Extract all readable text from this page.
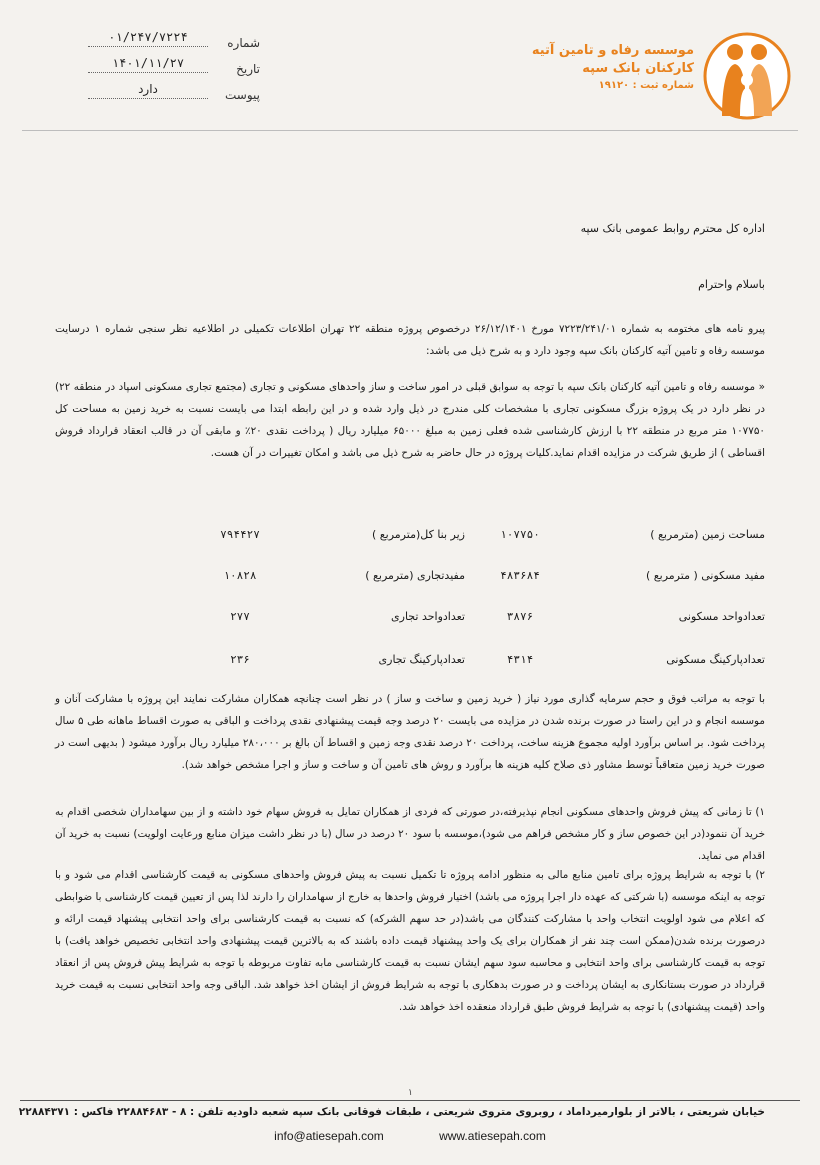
موسسه رفاه و تامین آتیه
کارکنان بانک سپه
شماره ثبت : ۱۹۱۲۰
شماره
۰۱/۲۴۷/۷۲۲۴
تاریخ
۱۴۰۱/۱۱/۲۷
پیوست
دارد
اداره کل محترم روابط عمومی بانک سپه
باسلام واحترام
پیرو نامه های مختومه به شماره ۷۲۲۳/۲۴۱/۰۱ مورخ ۲۶/۱۲/۱۴۰۱ درخصوص پروژه منطقه ۲۲ تهران اطلاعات تکمیلی در اطلاعیه نظر سنجی شماره ۱ درسایت موسسه رفاه و تامین آتیه کارکنان بانک سپه وجود دارد و به شرح ذیل می باشد:
« موسسه رفاه و تامین آتیه کارکنان بانک سپه با توجه به سوابق قبلی در امور ساخت و ساز واحدهای مسکونی و تجاری (مجتمع تجاری مسکونی اسپاد در منطقه ۲۲) در نظر دارد در یک پروژه بزرگ مسکونی تجاری با مشخصات کلی مندرج در ذیل وارد شده و در این رابطه ابتدا می بایست نسبت به خرید زمین به مساحت کل ۱۰۷۷۵۰ متر مربع در منطقه ۲۲ با ارزش کارشناسی شده فعلی زمین به مبلغ ۶۵۰۰۰ میلیارد ریال ( پرداخت نقدی ۲۰٪ و مابقی آن در قالب انعقاد قرارداد فروش اقساطی ) از طریق شرکت در مزایده اقدام نماید.کلیات پروژه در حال حاضر به شرح ذیل می باشد و امکان تغییرات در آن هست.
مساحت زمین (مترمربع )
۱۰۷۷۵۰
زیر بنا کل(مترمربع )
۷۹۴۴۲۷
مفید مسکونی ( مترمربع )
۴۸۳۶۸۴
مفیدتجاری (مترمربع )
۱۰۸۲۸
تعدادواحد مسکونی
۳۸۷۶
تعدادواحد تجاری
۲۷۷
تعدادپارکینگ مسکونی
۴۳۱۴
تعدادپارکینگ تجاری
۲۳۶
با توجه به مراتب فوق و حجم سرمایه گذاری مورد نیاز ( خرید زمین و ساخت و ساز ) در نظر است چنانچه همکاران مشارکت نمایند این پروژه با مشارکت آنان و موسسه انجام و در این راستا در صورت برنده شدن در مزایده می بایست ۲۰ درصد وجه قیمت پیشنهادی نقدی پرداخت و الباقی به صورت اقساط ماهانه طی ۵ سال پرداخت شود. بر اساس برآورد اولیه مجموع هزینه ساخت، پرداخت ۲۰ درصد نقدی وجه زمین و اقساط آن بالغ بر ۲۸۰،۰۰۰ میلیارد ریال برآورد میشود ( بدیهی است در صورت خرید زمین متعاقباً توسط مشاور ذی صلاح کلیه هزینه ها برآورد و روش های تامین آن و ساخت و ساز و اجرا مشخص خواهد شد).
۱) تا زمانی که پیش فروش واحدهای مسکونی انجام نپذیرفته،در صورتی که فردی از همکاران تمایل به فروش سهام خود داشته و از بین سهامداران شخصی اقدام به خرید آن ننمود(در این خصوص ساز و کار مشخص فراهم می شود)،موسسه با سود ۲۰ درصد در سال (با در نظر داشت میزان منابع ورعایت اولویت) نسبت به خرید آن اقدام می نماید.
۲) با توجه به شرایط پروژه برای تامین منابع مالی به منظور ادامه پروژه تا تکمیل نسبت به پیش فروش واحدهای مسکونی به قیمت کارشناسی اقدام می شود و با توجه به اینکه موسسه (با شرکتی که عهده دار اجرا پروژه می باشد) اختیار فروش واحدها به خارج از سهامداران را دارند لذا پس از تعیین قیمت کارشناسی با ضوابطی که اعلام می شود اولویت انتخاب واحد با مشارکت کنندگان می باشد(در حد سهم الشرکه) که نسبت به قیمت کارشناسی برای واحد انتخابی پیشنهاد قیمت ارائه و درصورت برنده شدن(ممکن است چند نفر از همکاران برای یک واحد پیشنهاد قیمت داده باشند که به بالاترین قیمت پیشنهادی واحد انتخابی تخصیص خواهد یافت) با توجه به قیمت کارشناسی برای واحد انتخابی و محاسبه سود سهم ایشان نسبت به قیمت کارشناسی مابه تفاوت مربوطه با توجه به شرایط پیش فروش پس از انعقاد قرارداد در صورت بستانکاری به ایشان پرداخت و در صورت بدهکاری با توجه به شرایط فروش از ایشان اخذ خواهد شد. الباقی وجه واحد انتخابی نسبت به قیمت خرید واحد (قیمت پیشنهادی) با توجه به شرایط فروش طبق قرارداد منعقده اخذ خواهد شد.
۱
خیابان شریعتی ، بالاتر از بلوارمیرداماد ، روبروی متروی شریعتی ، طبقات فوقانی بانک سپه شعبه داودیه تلفن : ۸ - ۲۲۸۸۴۶۸۳ فاکس : ۲۲۸۸۴۳۷۱
info@atiesepah.com	www.atiesepah.com
